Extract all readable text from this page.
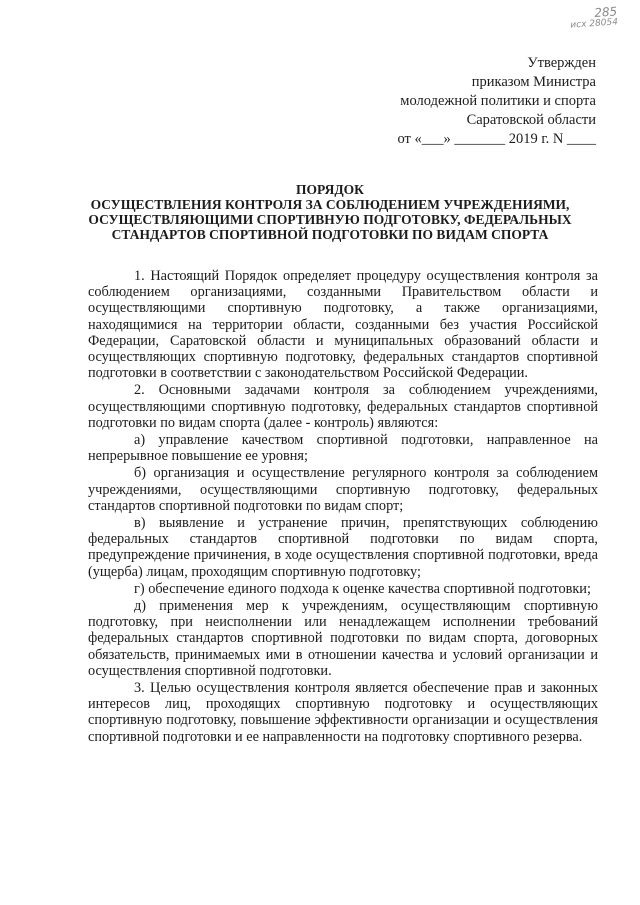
285
исх 28054
Утвержден
приказом Министра
молодежной политики и спорта
Саратовской области
от «___» _______ 2019 г. N ____
ПОРЯДОК
ОСУЩЕСТВЛЕНИЯ КОНТРОЛЯ ЗА СОБЛЮДЕНИЕМ УЧРЕЖДЕНИЯМИ,
ОСУЩЕСТВЛЯЮЩИМИ СПОРТИВНУЮ ПОДГОТОВКУ, ФЕДЕРАЛЬНЫХ
СТАНДАРТОВ СПОРТИВНОЙ ПОДГОТОВКИ ПО ВИДАМ СПОРТА

1. Настоящий Порядок определяет процедуру осуществления контроля за соблюдением организациями, созданными Правительством области и осуществляющими спортивную подготовку, а также организациями, находящимися на территории области, созданными без участия Российской Федерации, Саратовской области и муниципальных образований области и осуществляющих спортивную подготовку, федеральных стандартов спортивной подготовки в соответствии с законодательством Российской Федерации.

2. Основными задачами контроля за соблюдением учреждениями, осуществляющими спортивную подготовку, федеральных стандартов спортивной подготовки по видам спорта (далее - контроль) являются:

а) управление качеством спортивной подготовки, направленное на непрерывное повышение ее уровня;

б) организация и осуществление регулярного контроля за соблюдением учреждениями, осуществляющими спортивную подготовку, федеральных стандартов спортивной подготовки по видам спорт;

в) выявление и устранение причин, препятствующих соблюдению федеральных стандартов спортивной подготовки по видам спорта, предупреждение причинения, в ходе осуществления спортивной подготовки, вреда (ущерба) лицам, проходящим спортивную подготовку;

г) обеспечение единого подхода к оценке качества спортивной подготовки;

д) применения мер к учреждениям, осуществляющим спортивную подготовку, при неисполнении или ненадлежащем исполнении требований федеральных стандартов спортивной подготовки по видам спорта, договорных обязательств, принимаемых ими в отношении качества и условий организации и осуществления спортивной подготовки.

3. Целью осуществления контроля является обеспечение прав и законных интересов лиц, проходящих спортивную подготовку и осуществляющих спортивную подготовку, повышение эффективности организации и осуществления спортивной подготовки и ее направленности на подготовку спортивного резерва.
